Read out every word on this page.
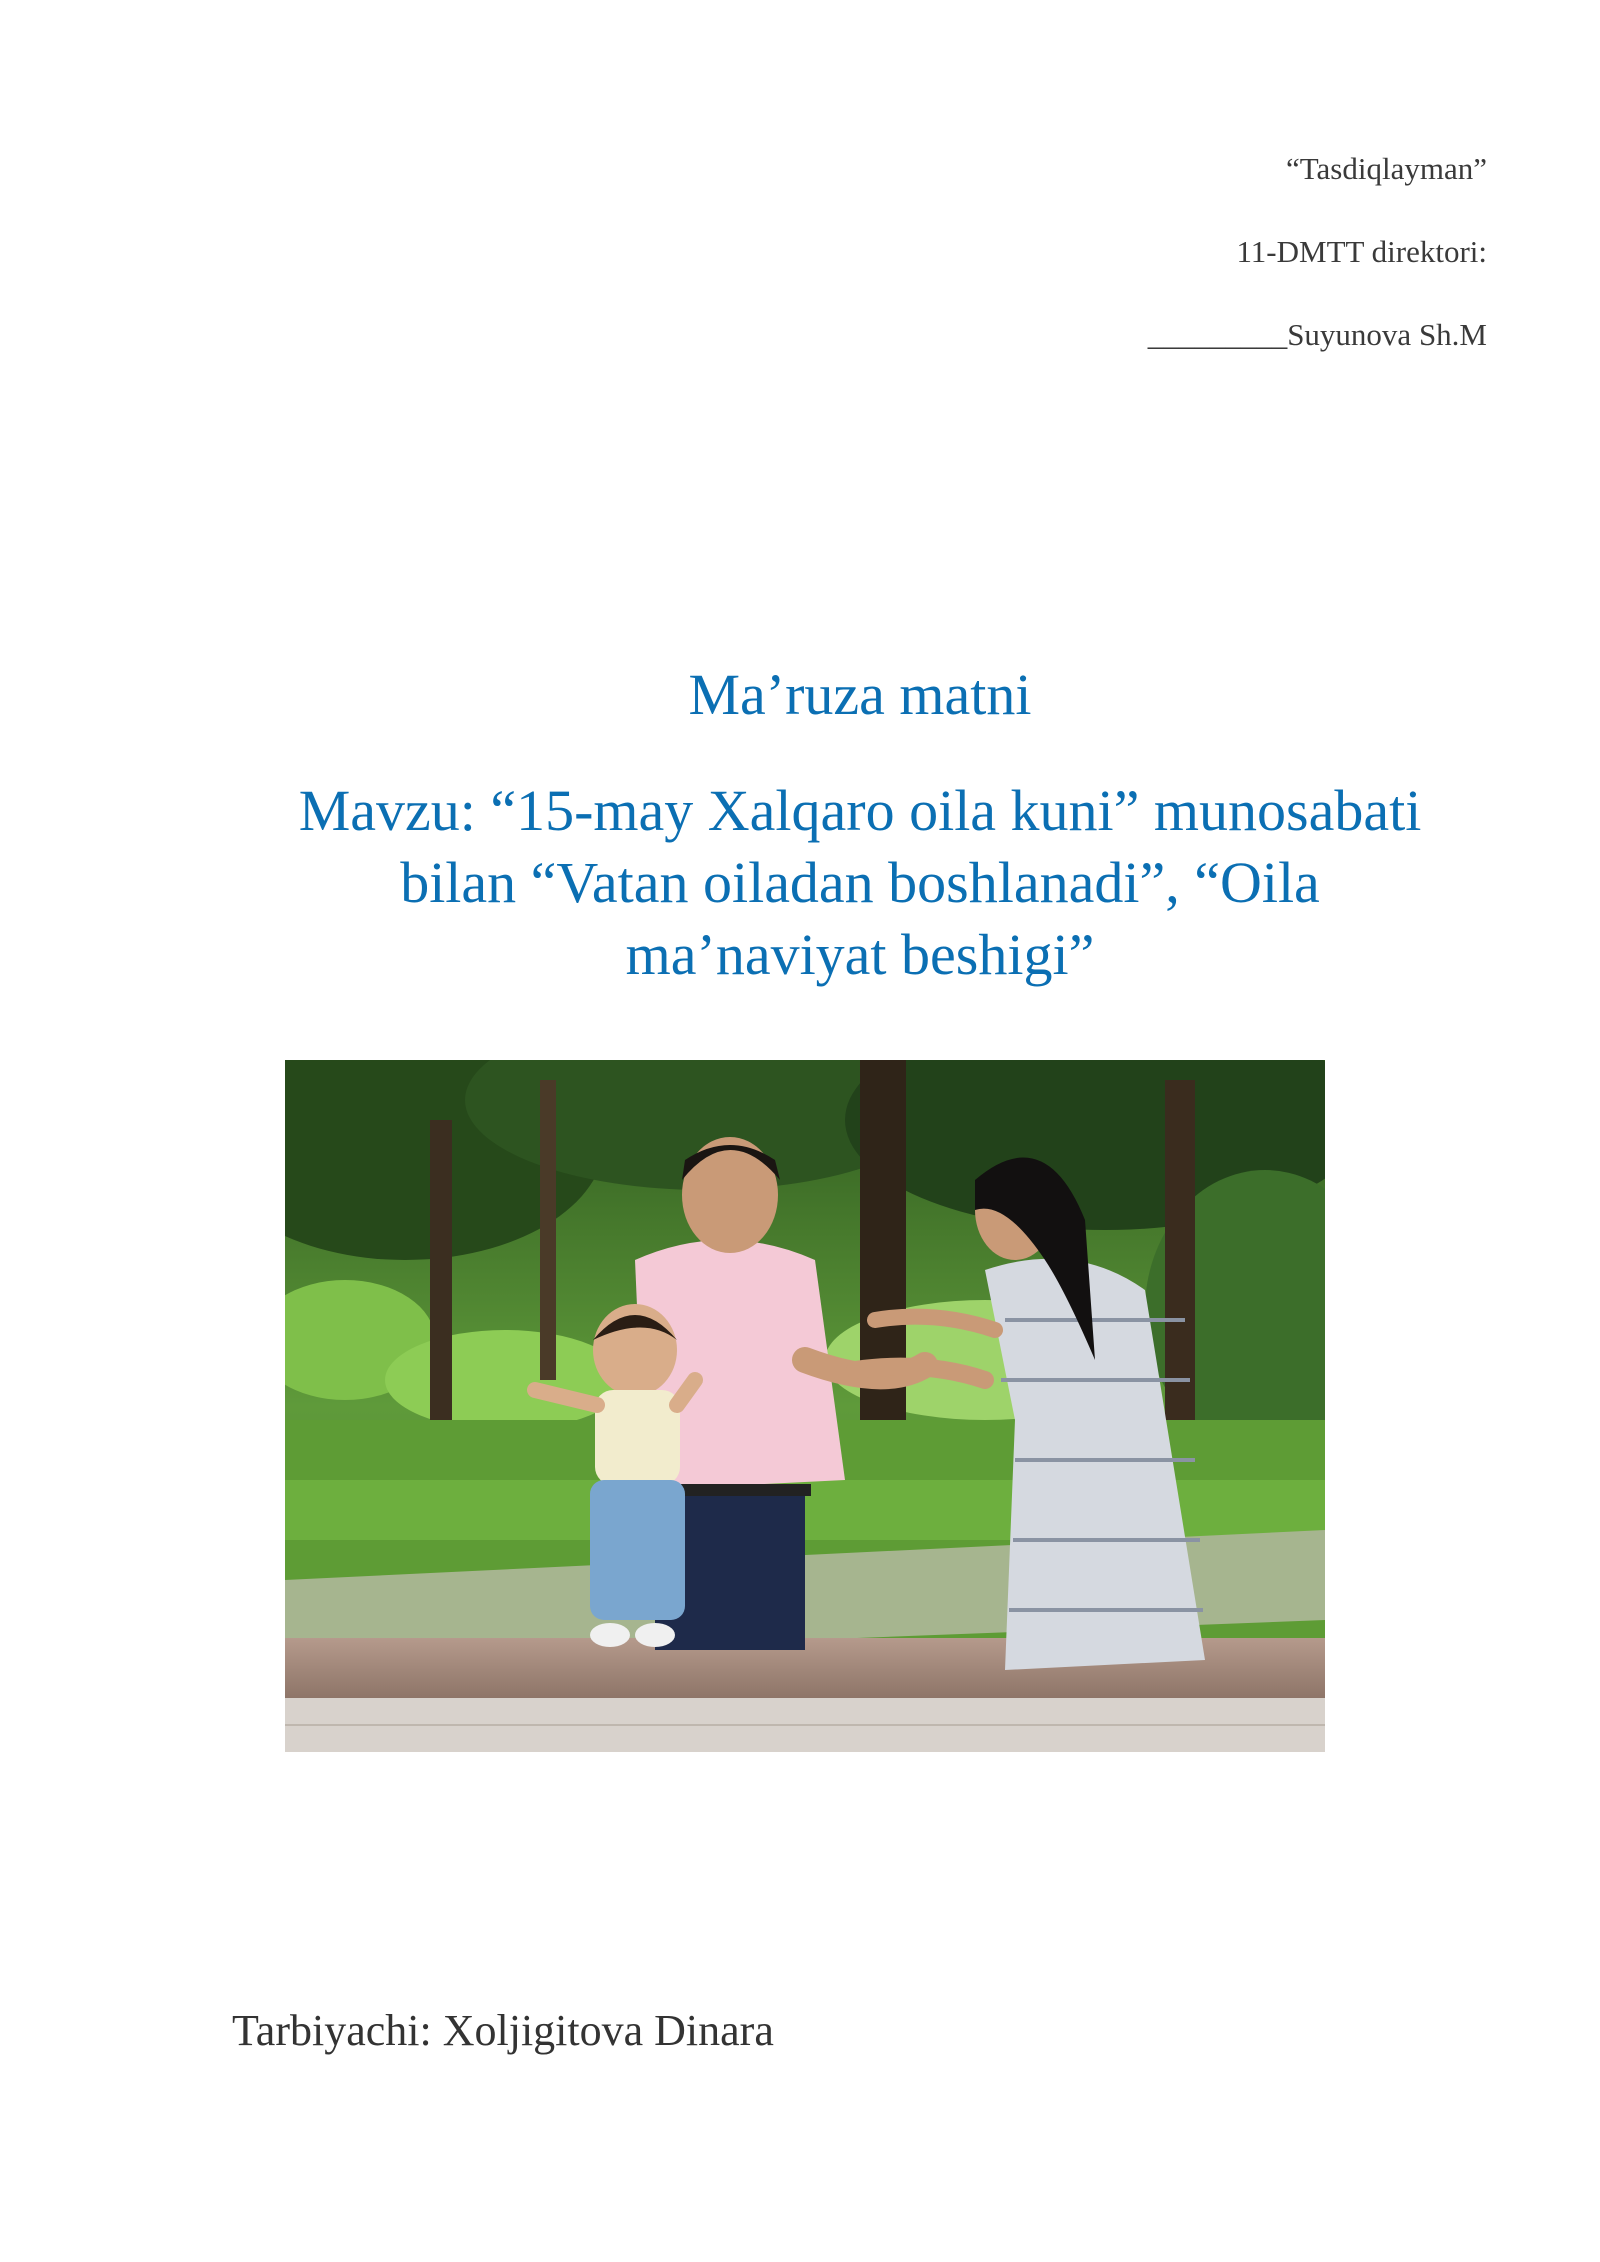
“Tasdiqlayman”
11-DMTT direktori:
_________Suyunova Sh.M
Ma’ruza matni
Mavzu: “15-may Xalqaro oila kuni” munosabati
bilan “Vatan oiladan boshlanadi”, “Oila
ma’naviyat beshigi”
Tarbiyachi: Xoljigitova Dinara
